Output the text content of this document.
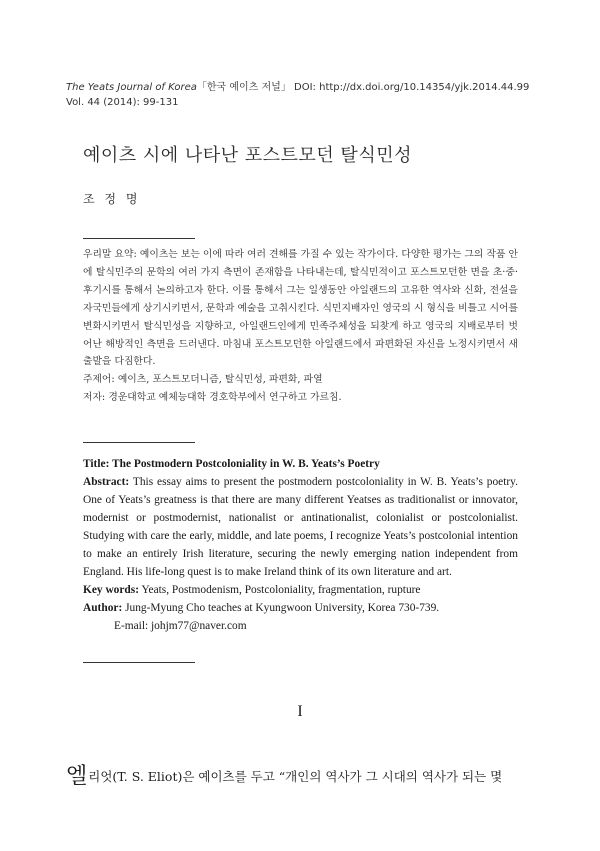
The Yeats Journal of Korea「한국 예이츠 저널」 DOI: http://dx.doi.org/10.14354/yjk.2014.44.99
Vol. 44 (2014): 99-131
예이츠 시에 나타난 포스트모던 탈식민성
조 정 명

우리말 요약: 예이츠는 보는 이에 따라 여러 견해를 가질 수 있는 작가이다. 다양한 평가는 그의 작품 안에 탈식민주의 문학의 여러 가지 측면이 존재함을 나타내는데, 탈식민적이고 포스트모던한 면을 초·중·후기시를 통해서 논의하고자 한다. 이를 통해서 그는 일생동안 아일랜드의 고유한 역사와 신화, 전설을 자국민들에게 상기시키면서, 문학과 예술을 고취시킨다. 식민지배자인 영국의 시 형식을 비틀고 시어를 변화시키면서 탈식민성을 지향하고, 아일랜드인에게 민족주체성을 되찾게 하고 영국의 지배로부터 벗어난 해방적인 측면을 드러낸다. 마침내 포스트모던한 아일랜드에서 파편화된 자신을 노정시키면서 새 출발을 다짐한다.

주제어: 예이츠, 포스트모더니즘, 탈식민성, 파편화, 파열

저자: 경운대학교 예체능대학 경호학부에서 연구하고 가르침.

Title: The Postmodern Postcoloniality in W. B. Yeats’s Poetry

Abstract: This essay aims to present the postmodern postcoloniality in W. B. Yeats’s poetry. One of Yeats’s greatness is that there are many different Yeatses as traditionalist or innovator, modernist or postmodernist, nationalist or antinationalist, colonialist or postcolonialist. Studying with care the early, middle, and late poems, I recognize Yeats’s postcolonial intention to make an entirely Irish literature, securing the newly emerging nation independent from England. His life-long quest is to make Ireland think of its own literature and art.

Key words: Yeats, Postmodenism, Postcoloniality, fragmentation, rupture

Author: Jung-Myung Cho teaches at Kyungwoon University, Korea 730-739.

E-mail: johjm77@naver.com

I
엘리엇(T. S. Eliot)은 예이츠를 두고 “개인의 역사가 그 시대의 역사가 되는 몇
